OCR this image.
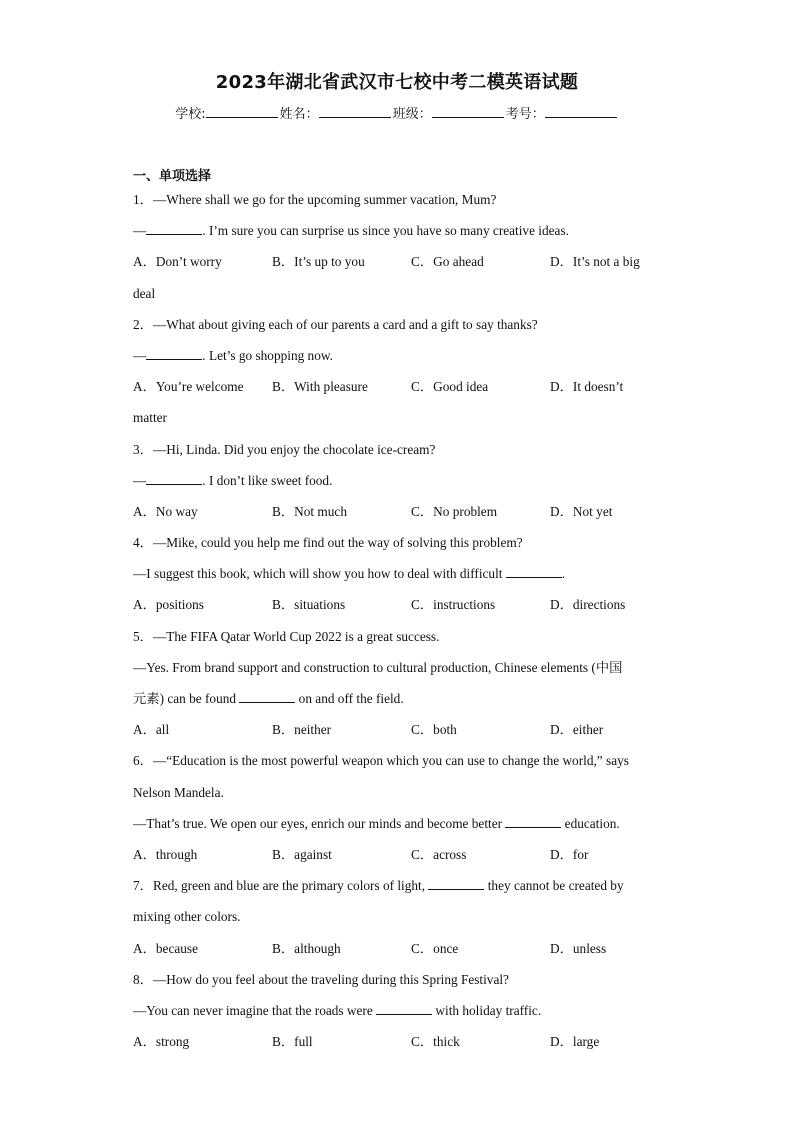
2023年湖北省武汉市七校中考二模英语试题
学校:	姓名：	班级：	考号：
一、单项选择
1．—Where shall we go for the upcoming summer vacation, Mum?
—	. I’m sure you can surprise us since you have so many creative ideas.
A．Don’t worry	B．It’s up to you	C．Go ahead	D．It’s not a big
deal
2．—What about giving each of our parents a card and a gift to say thanks?
—	. Let’s go shopping now.
A．You’re welcome	B．With pleasure	C．Good idea	D．It doesn’t
matter
3．—Hi, Linda. Did you enjoy the chocolate ice-cream?
—	. I don’t like sweet food.
A．No way	B．Not much	C．No problem	D．Not yet
4．—Mike, could you help me find out the way of solving this problem?
—I suggest this book, which will show you how to deal with difficult	.
A．positions	B．situations	C．instructions	D．directions
5．—The FIFA Qatar World Cup 2022 is a great success.
—Yes. From brand support and construction to cultural production, Chinese elements (中国
元素) can be found	on and off the field.
A．all	B．neither	C．both	D．either
6．—“Education is the most powerful weapon which you can use to change the world,” says
Nelson Mandela.
—That’s true. We open our eyes, enrich our minds and become better	education.
A．through	B．against	C．across	D．for
7．Red, green and blue are the primary colors of light,	they cannot be created by
mixing other colors.
A．because	B．although	C．once	D．unless
8．—How do you feel about the traveling during this Spring Festival?
—You can never imagine that the roads were	with holiday traffic.
A．strong	B．full	C．thick	D．large
